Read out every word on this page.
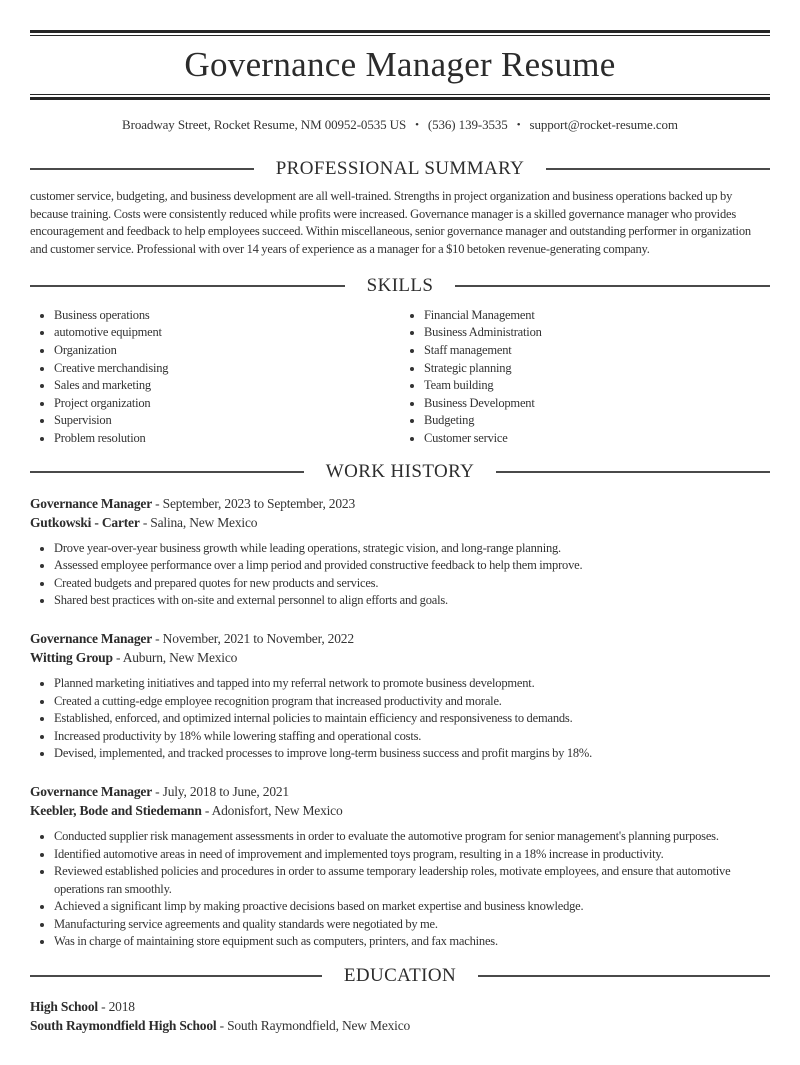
Governance Manager Resume

Broadway Street, Rocket Resume, NM 00952-0535 US • (536) 139-3535 • support@rocket-resume.com

PROFESSIONAL SUMMARY

customer service, budgeting, and business development are all well-trained. Strengths in project organization and business operations backed up by because training. Costs were consistently reduced while profits were increased. Governance manager is a skilled governance manager who provides encouragement and feedback to help employees succeed. Within miscellaneous, senior governance manager and outstanding performer in organization and customer service. Professional with over 14 years of experience as a manager for a $10 betoken revenue-generating company.

SKILLS
• Business operations
• automotive equipment
• Organization
• Creative merchandising
• Sales and marketing
• Project organization
• Supervision
• Problem resolution
• Financial Management
• Business Administration
• Staff management
• Strategic planning
• Team building
• Business Development
• Budgeting
• Customer service
WORK HISTORY

Governance Manager - September, 2023 to September, 2023

Gutkowski - Carter - Salina, New Mexico

• Drove year-over-year business growth while leading operations, strategic vision, and long-range planning.
• Assessed employee performance over a limp period and provided constructive feedback to help them improve.
• Created budgets and prepared quotes for new products and services.
• Shared best practices with on-site and external personnel to align efforts and goals.

Governance Manager - November, 2021 to November, 2022

Witting Group - Auburn, New Mexico

• Planned marketing initiatives and tapped into my referral network to promote business development.
• Created a cutting-edge employee recognition program that increased productivity and morale.
• Established, enforced, and optimized internal policies to maintain efficiency and responsiveness to demands.
• Increased productivity by 18% while lowering staffing and operational costs.
• Devised, implemented, and tracked processes to improve long-term business success and profit margins by 18%.

Governance Manager - July, 2018 to June, 2021

Keebler, Bode and Stiedemann - Adonisfort, New Mexico

• Conducted supplier risk management assessments in order to evaluate the automotive program for senior management's planning purposes.
• Identified automotive areas in need of improvement and implemented toys program, resulting in a 18% increase in productivity.
• Reviewed established policies and procedures in order to assume temporary leadership roles, motivate employees, and ensure that automotive operations ran smoothly.
• Achieved a significant limp by making proactive decisions based on market expertise and business knowledge.
• Manufacturing service agreements and quality standards were negotiated by me.
• Was in charge of maintaining store equipment such as computers, printers, and fax machines.
EDUCATION

High School - 2018

South Raymondfield High School - South Raymondfield, New Mexico
